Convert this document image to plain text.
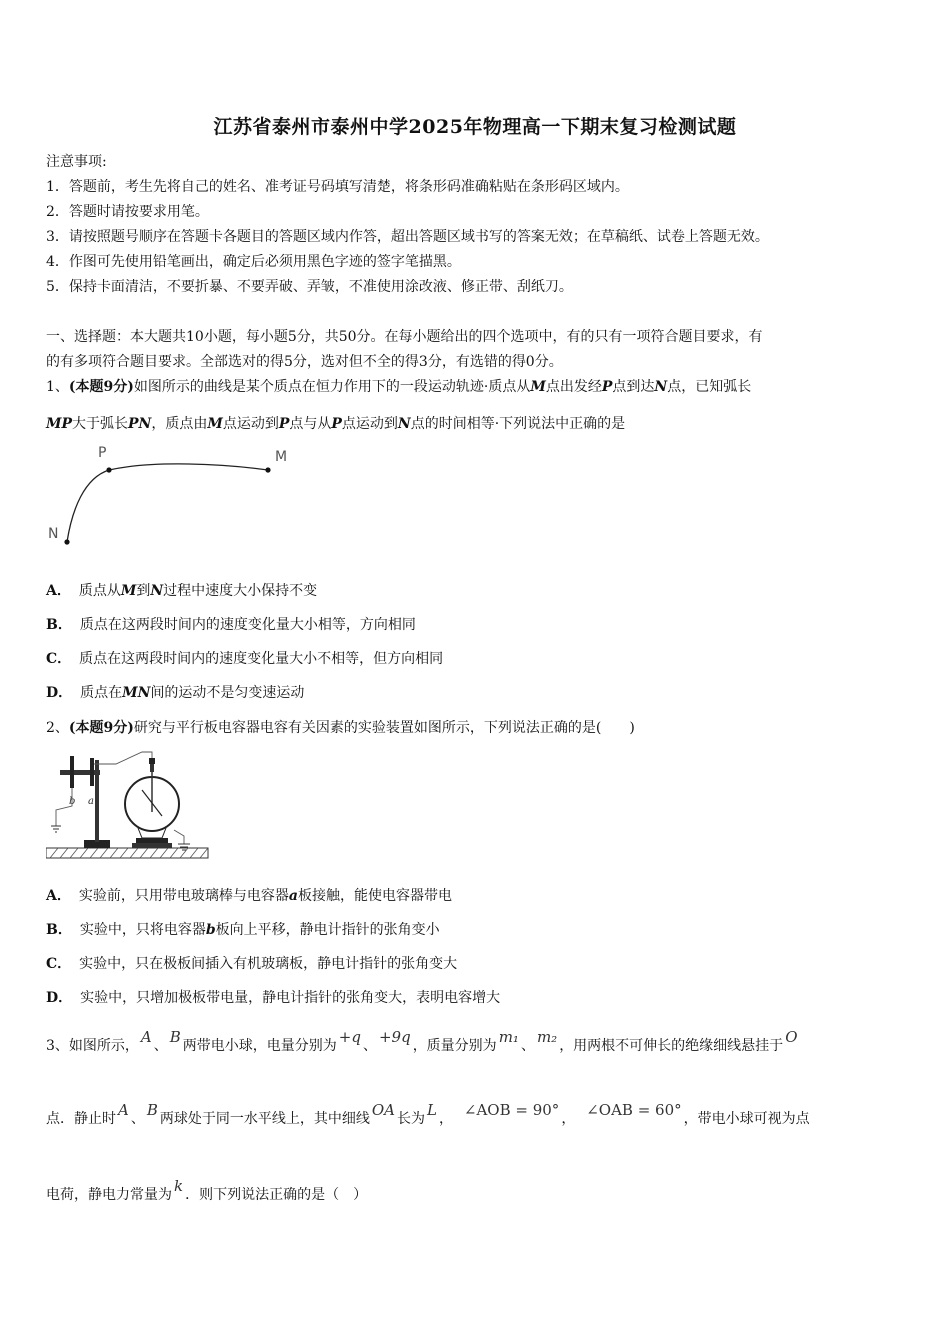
江苏省泰州市泰州中学2025年物理高一下期末复习检测试题
注意事项:
1．答题前，考生先将自己的姓名、准考证号码填写清楚，将条形码准确粘贴在条形码区域内。
2．答题时请按要求用笔。
3．请按照题号顺序在答题卡各题目的答题区域内作答，超出答题区域书写的答案无效；在草稿纸、试卷上答题无效。
4．作图可先使用铅笔画出，确定后必须用黑色字迹的签字笔描黑。
5．保持卡面清洁，不要折暴、不要弄破、弄皱，不准使用涂改液、修正带、刮纸刀。
一、选择题：本大题共10小题，每小题5分，共50分。在每小题给出的四个选项中，有的只有一项符合题目要求，有
的有多项符合题目要求。全部选对的得5分，选对但不全的得3分，有选错的得0分。
1、(本题9分)如图所示的曲线是某个质点在恒力作用下的一段运动轨迹·质点从M点出发经P点到达N点，已知弧长
MP大于弧长PN，质点由M点运动到P点与从P点运动到N点的时间相等·下列说法中正确的是
P	M
N
A． 质点从M到N过程中速度大小保持不变
B． 质点在这两段时间内的速度变化量大小相等，方向相同
C． 质点在这两段时间内的速度变化量大小不相等，但方向相同
D． 质点在MN间的运动不是匀变速运动
2、(本题9分)研究与平行板电容器电容有关因素的实验装置如图所示，下列说法正确的是(　　)
b a
A． 实验前，只用带电玻璃棒与电容器a板接触，能使电容器带电
B． 实验中，只将电容器b板向上平移，静电计指针的张角变小
C． 实验中，只在极板间插入有机玻璃板，静电计指针的张角变大
D． 实验中，只增加极板带电量，静电计指针的张角变大，表明电容增大
3、如图所示， A 、 B 两带电小球，电量分别为 +q 、 +9q ，质量分别为 m₁ 、 m₂ ，用两根不可伸长的绝缘细线悬挂于 O
点．静止时 A 、 B 两球处于同一水平线上，其中细线 OA 长为 L ， ∠AOB = 90° ， ∠OAB = 60° ，带电小球可视为点
电荷，静电力常量为 k ．则下列说法正确的是（　）
